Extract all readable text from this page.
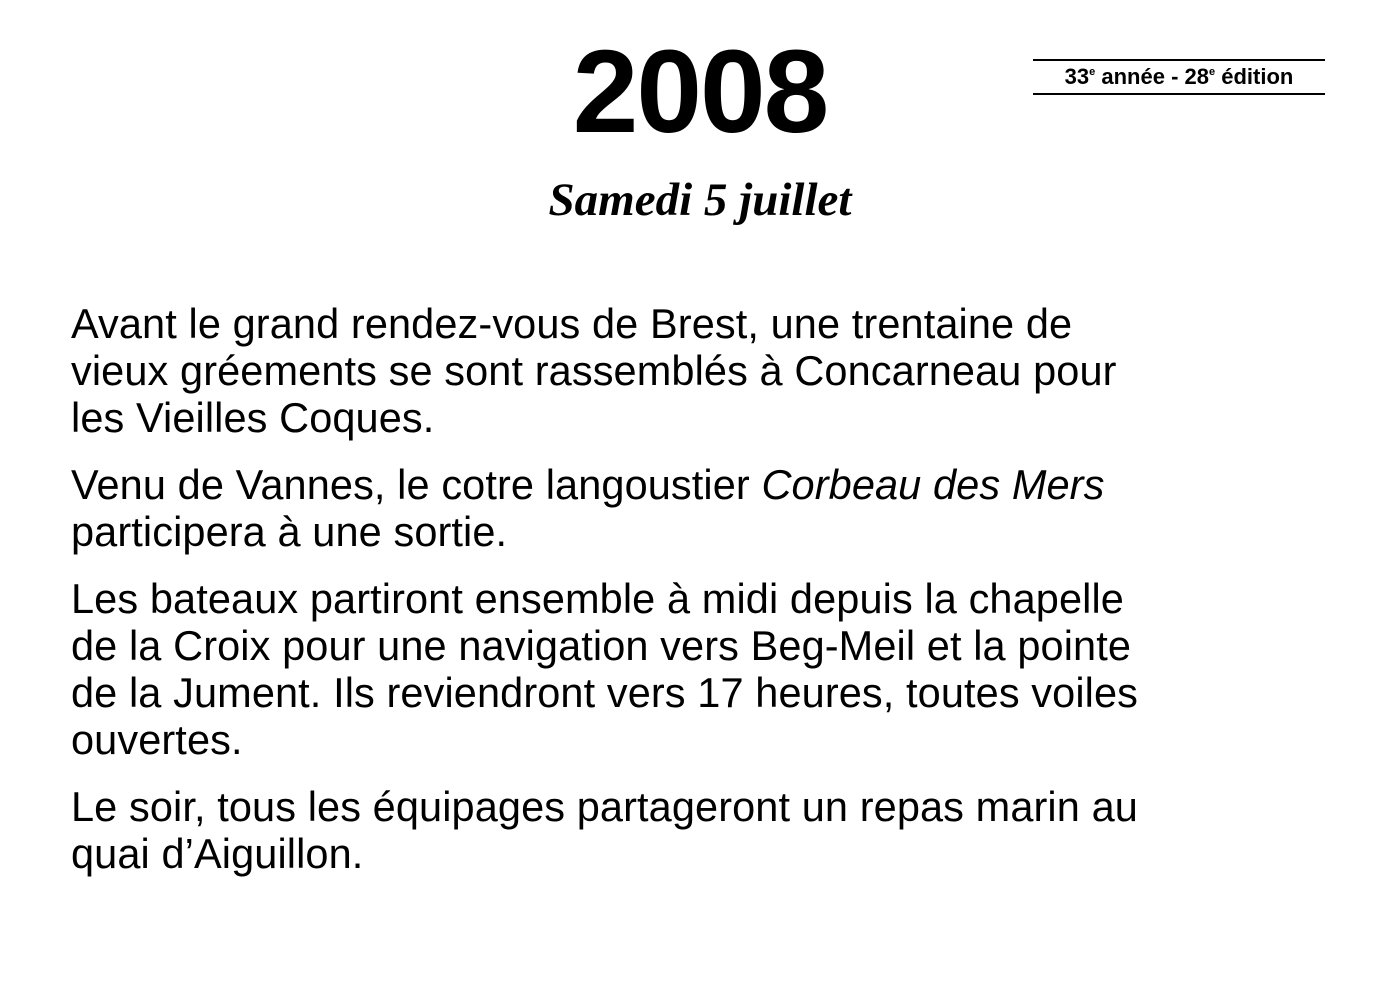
2008	33e année - 28e édition
Samedi 5 juillet

Avant le grand rendez-vous de Brest, une trentaine de
vieux gréements se sont rassemblés à Concarneau pour
les Vieilles Coques.

Venu de Vannes, le cotre langoustier Corbeau des Mers
participera à une sortie.

Les bateaux partiront ensemble à midi depuis la chapelle
de la Croix pour une navigation vers Beg-Meil et la pointe
de la Jument. Ils reviendront vers 17 heures, toutes voiles
ouvertes.

Le soir, tous les équipages partageront un repas marin au
quai d’Aiguillon.
